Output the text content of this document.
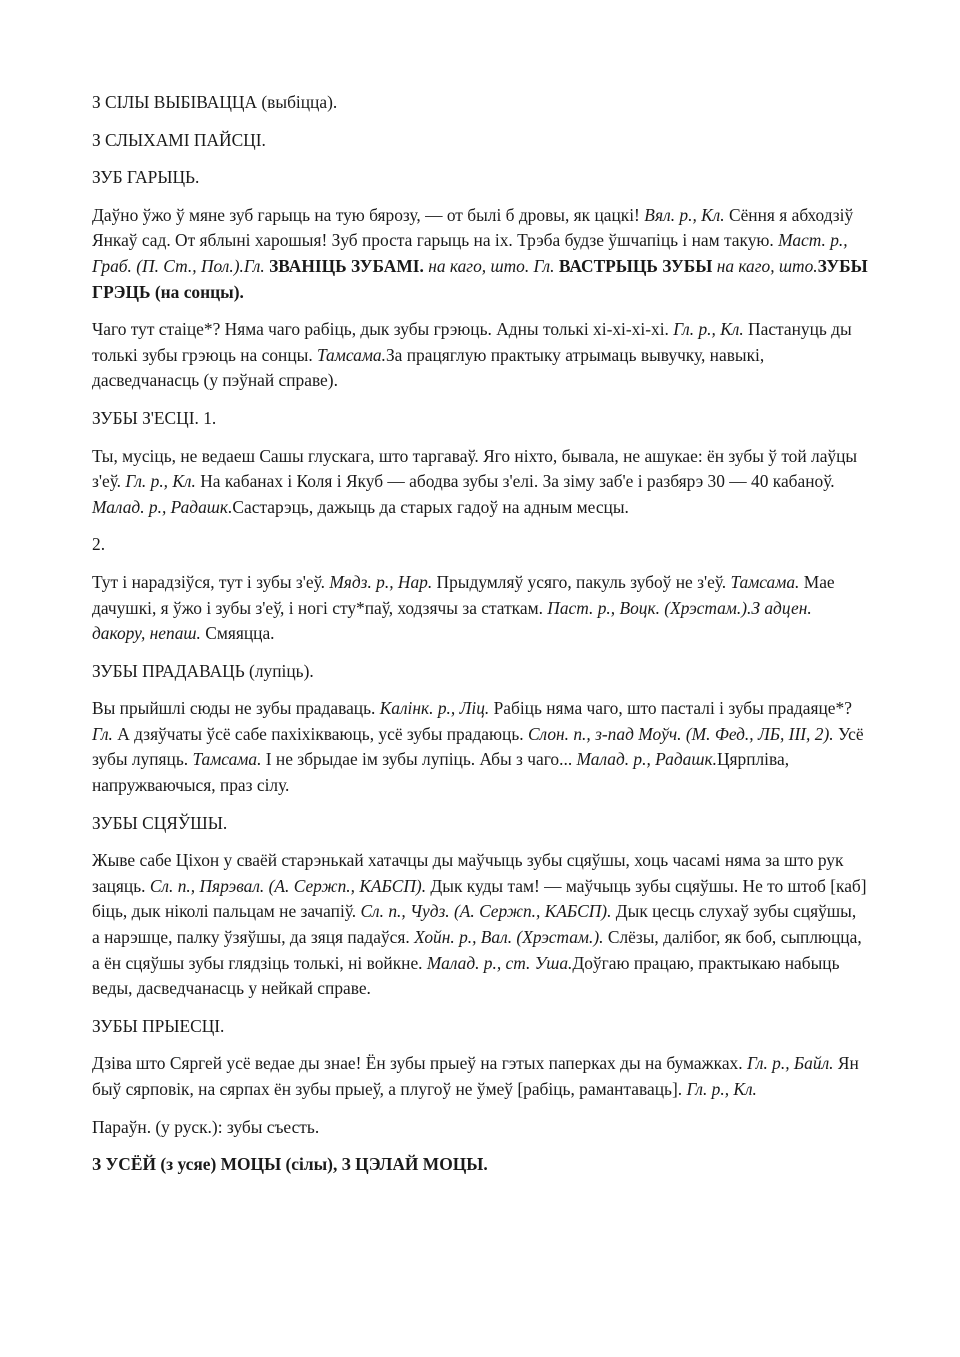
З СІЛЫ ВЫБІВАЦЦА (выбіцца).

З СЛЫХАМІ ПАЙСЦІ.

ЗУБ ГАРЫЦЬ.

Даўно ўжо ў мяне зуб гарыць на тую бярозу, — от былі б дровы, як цацкі! Вял. р., Кл. Сёння я абходзіў Янкаў сад. От яблыні харошыя! Зуб проста гарыць на іх. Трэба будзе ўшчапіць і нам такую. Маст. р., Граб. (П. Ст., Пол.).Гл. ЗВАНІЦЬ ЗУБАМІ. на каго, што. Гл. ВАСТРЫЦЬ ЗУБЫ на каго, што.ЗУБЫ ГРЭЦЬ (на сонцы).

Чаго тут стаіце*? Няма чаго рабіць, дык зубы грэюць. Адны толькі хі-хі-хі-хі. Гл. р., Кл. Пастануць ды толькі зубы грэюць на сонцы. Тамсама.За працяглую практыку атрымаць вывучку, навыкі, дасведчанасць (у пэўнай справе).

ЗУБЫ З'ЕСЦІ. 1.

Ты, мусіць, не ведаеш Сашы глускага, што таргаваў. Яго ніхто, бывала, не ашукае: ён зубы ў той лаўцы з'еў. Гл. р., Кл. На кабанах і Коля і Якуб — абодва зубы з'елі. За зіму заб'е і разбярэ 30 — 40 кабаноў. Малад. р., Радашк.Састарэць, дажыць да старых гадоў на адным месцы.

2.

Тут і нарадзіўся, тут і зубы з'еў. Мядз. р., Нар. Прыдумляў усяго, пакуль зубоў не з'еў. Тамсама. Мае дачушкі, я ўжо і зубы з'еў, і ногі сту*паў, ходзячы за статкам. Паст. р., Воцк. (Хрэстам.).З адцен. дакору, непаш. Смяяцца.

ЗУБЫ ПРАДАВАЦЬ (лупіць).

Вы прыйшлі сюды не зубы прадаваць. Калінк. р., Ліц. Рабіць няма чаго, што пасталі і зубы прадаяце*? Гл. А дзяўчаты ўсё сабе пахіхікваюць, усё зубы прадаюць. Слон. п., з-пад Моўч. (М. Фед., ЛБ, III, 2). Усё зубы лупяць. Тамсама. І не збрыдае ім зубы лупіць. Абы з чаго... Малад. р., Радашк.Цярпліва, напружваючыся, праз сілу.

ЗУБЫ СЦЯЎШЫ.

Жыве сабе Ціхон у сваёй старэнькай хатачцы ды маўчыць зубы сцяўшы, хоць часамі няма за што рук зацяць. Сл. п., Пярэвал. (А. Сержп., КАБСП). Дык куды там! — маўчыць зубы сцяўшы. Не то штоб [каб] біць, дык ніколі пальцам не зачапіў. Сл. п., Чудз. (А. Сержп., КАБСП). Дык цесць слухаў зубы сцяўшы, а нарэшце, палку ўзяўшы, да зяця падаўся. Хойн. р., Вал. (Хрэстам.). Слёзы, далібог, як боб, сыплюцца, а ён сцяўшы зубы глядзіць толькі, ні войкне. Малад. р., ст. Уша.Доўгаю працаю, практыкаю набыць веды, дасведчанасць у нейкай справе.

ЗУБЫ ПРЫЕСЦІ.

Дзіва што Сяргей усё ведае ды знае! Ён зубы прыеў на гэтых паперках ды на бумажках. Гл. р., Байл. Ян быў сярповік, на сярпах ён зубы прыеў, а плугоў не ўмеў [рабіць, рамантаваць]. Гл. р., Кл.

Параўн. (у руск.): зубы съесть.

З УСЁЙ (з усяе) МОЦЫ (сілы), З ЦЭЛАЙ МОЦЫ.
